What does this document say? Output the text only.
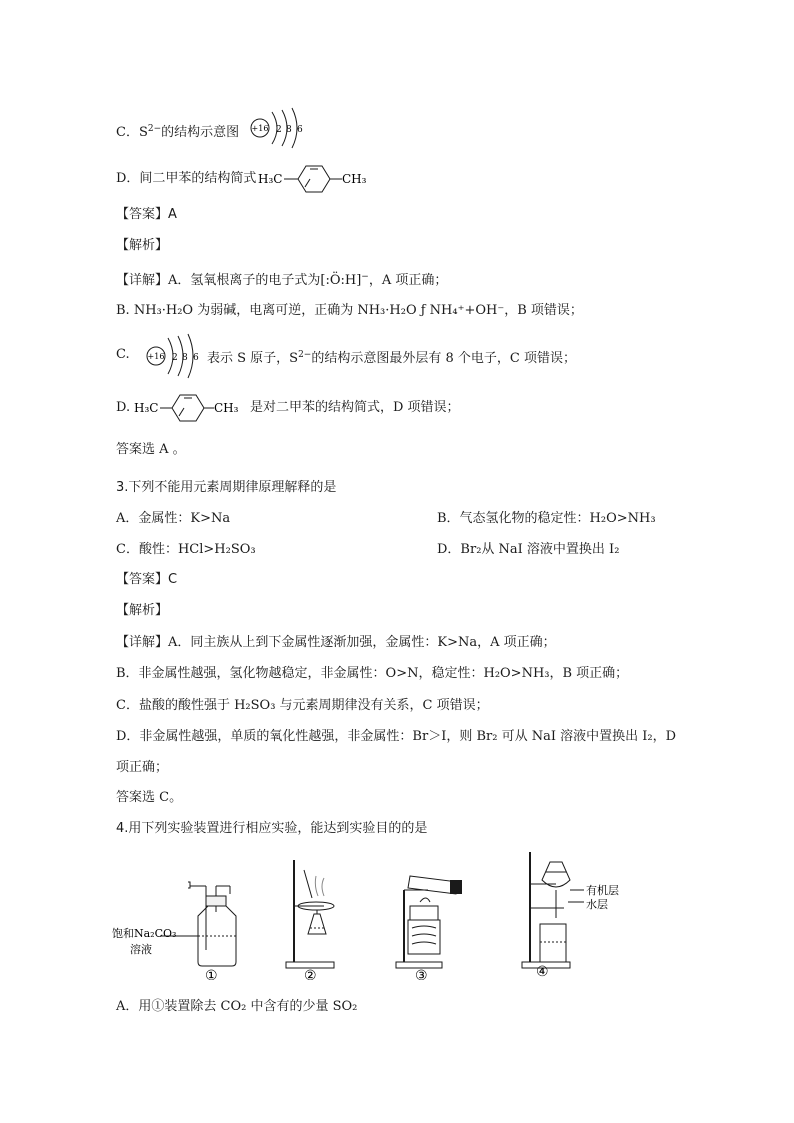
C．$S^{2-}$的结构示意图 +16 2 8 6
D．间二甲苯的结构简式 H₃C	CH₃
【答案】A
【解析】
【详解】A．氢氧根离子的电子式为[:Ö:H]−，A 项正确；
B. NH₃·H₂O 为弱碱，电离可逆，正确为 NH₃·H₂O ƒ NH₄⁺+OH⁻，B 项错误；
C. +16 2 8 6 表示 S 原子，$S^{2-}$的结构示意图最外层有 8 个电子，C 项错误；
D. H₃C	CH₃ 是对二甲苯的结构简式，D 项错误；
答案选 A 。
3.下列不能用元素周期律原理解释的是
A．金属性：K>Na	B．气态氢化物的稳定性：H₂O>NH₃
C．酸性：HCl>H₂SO₃	D．Br₂从 NaI 溶液中置换出 I₂
【答案】C
【解析】
【详解】A．同主族从上到下金属性逐渐加强，金属性：K>Na，A 项正确；
B．非金属性越强，氢化物越稳定，非金属性：O>N，稳定性：H₂O>NH₃，B 项正确；
C．盐酸的酸性强于 H₂SO₃ 与元素周期律没有关系，C 项错误；
D．非金属性越强，单质的氧化性越强，非金属性：Br＞I，则 Br₂ 可从 NaI 溶液中置换出 I₂，D
项正确；
答案选 C。
4.用下列实验装置进行相应实验，能达到实验目的的是
饱和Na₂CO₃
溶液
①	②	③
有机层
水层
④
A．用①装置除去 CO₂ 中含有的少量 SO₂
